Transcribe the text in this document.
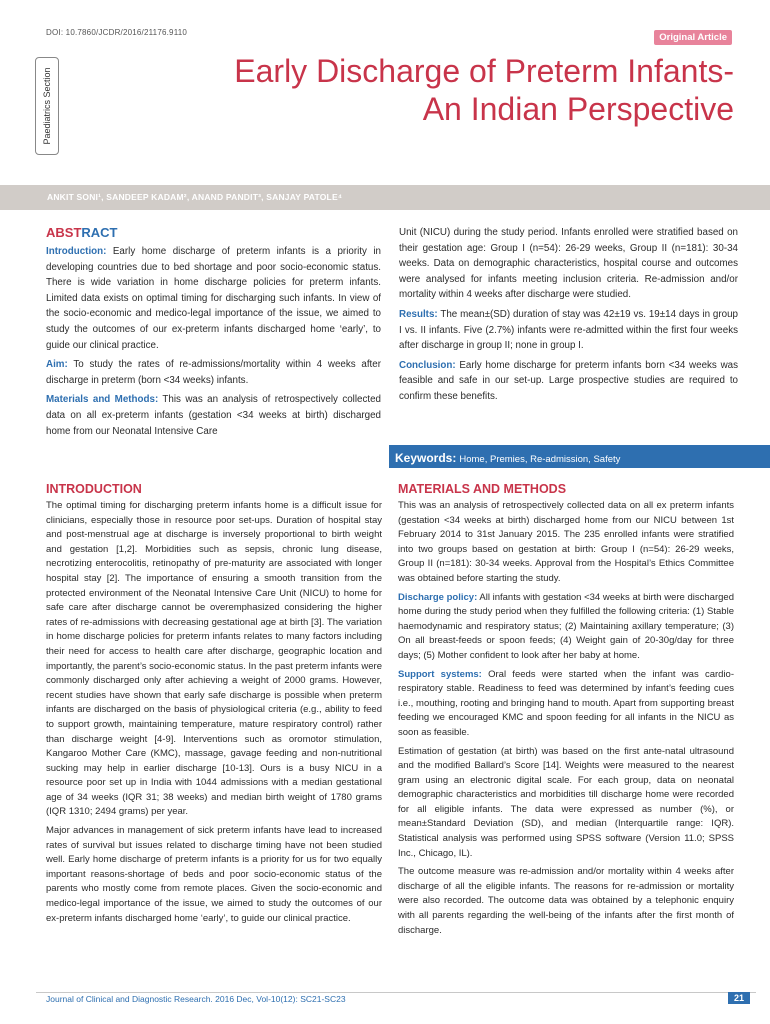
DOI: 10.7860/JCDR/2016/21176.9110	Original Article
Paediatrics Section	Early Discharge of Preterm Infants-
An Indian Perspective
ANKIT SONI¹, SANDEEP KADAM², ANAND PANDIT³, SANJAY PATOLE⁴
ABSTRACT

Introduction: Early home discharge of preterm infants is a priority in developing countries due to bed shortage and poor socio-economic status. There is wide variation in home discharge policies for preterm infants. Limited data exists on optimal timing for discharging such infants. In view of the socio-economic and medico-legal importance of the issue, we aimed to study the outcomes of our ex-preterm infants discharged home ‘early’, to guide our clinical practice.

Aim: To study the rates of re-admissions/mortality within 4 weeks after discharge in preterm (born <34 weeks) infants.

Materials and Methods: This was an analysis of retrospectively collected data on all ex-preterm infants (gestation <34 weeks at birth) discharged home from our Neonatal Intensive Care

Unit (NICU) during the study period. Infants enrolled were stratified based on their gestation age: Group I (n=54): 26-29 weeks, Group II (n=181): 30-34 weeks. Data on demographic characteristics, hospital course and outcomes were analysed for infants meeting inclusion criteria. Re-admission and/or mortality within 4 weeks after discharge were studied.

Results: The mean±(SD) duration of stay was 42±19 vs. 19±14 days in group I vs. II infants. Five (2.7%) infants were re-admitted within the first four weeks after discharge in group II; none in group I.

Conclusion: Early home discharge for preterm infants born <34 weeks was feasible and safe in our set-up. Large prospective studies are required to confirm these benefits.

Keywords: Home, Premies, Re-admission, Safety
INTRODUCTION

The optimal timing for discharging preterm infants home is a difficult issue for clinicians, especially those in resource poor set-ups. Duration of hospital stay and post-menstrual age at discharge is inversely proportional to birth weight and gestation [1,2]. Morbidities such as sepsis, chronic lung disease, necrotizing enterocolitis, retinopathy of pre-maturity are associated with longer hospital stay [2]. The importance of ensuring a smooth transition from the protected environment of the Neonatal Intensive Care Unit (NICU) to home for safe care after discharge cannot be overemphasized considering the higher rates of re-admissions with decreasing gestational age at birth [3]. The variation in home discharge policies for preterm infants relates to many factors including their need for access to health care after discharge, geographic location and importantly, the parent’s socio-economic status. In the past preterm infants were commonly discharged only after achieving a weight of 2000 grams. However, recent studies have shown that early safe discharge is possible when preterm infants are discharged on the basis of physiological criteria (e.g., ability to feed to support growth, maintaining temperature, mature respiratory control) rather than discharge weight [4-9]. Interventions such as oromotor stimulation, Kangaroo Mother Care (KMC), massage, gavage feeding and non-nutritional sucking may help in earlier discharge [10-13]. Ours is a busy NICU in a resource poor set up in India with 1044 admissions with a median gestational age of 34 weeks (IQR 31; 38 weeks) and median birth weight of 1780 grams (IQR 1310; 2494 grams) per year.

Major advances in management of sick preterm infants have lead to increased rates of survival but issues related to discharge timing have not been studied well. Early home discharge of preterm infants is a priority for us for two equally important reasons-shortage of beds and poor socio-economic status of the parents who mostly come from remote places. Given the socio-economic and medico-legal importance of the issue, we aimed to study the outcomes of our ex-preterm infants discharged home ‘early’, to guide our clinical practice.

MATERIALS AND METHODS

This was an analysis of retrospectively collected data on all ex preterm infants (gestation <34 weeks at birth) discharged home from our NICU between 1st February 2014 to 31st January 2015. The 235 enrolled infants were stratified into two groups based on gestation at birth: Group I (n=54): 26-29 weeks, Group II (n=181): 30-34 weeks. Approval from the Hospital’s Ethics Committee was obtained before starting the study.

Discharge policy: All infants with gestation <34 weeks at birth were discharged home during the study period when they fulfilled the following criteria: (1) Stable haemodynamic and respiratory status; (2) Maintaining axillary temperature; (3) On all breast-feeds or spoon feeds; (4) Weight gain of 20-30g/day for three days; (5) Mother confident to look after her baby at home.

Support systems: Oral feeds were started when the infant was cardio-respiratory stable. Readiness to feed was determined by infant’s feeding cues i.e., mouthing, rooting and bringing hand to mouth. Apart from supporting breast feeding we encouraged KMC and spoon feeding for all infants in the NICU as soon as feasible.

Estimation of gestation (at birth) was based on the first ante-natal ultrasound and the modified Ballard’s Score [14]. Weights were measured to the nearest gram using an electronic digital scale. For each group, data on neonatal demographic characteristics and morbidities till discharge home were recorded for all eligible infants. The data were expressed as number (%), or mean±Standard Deviation (SD), and median (Interquartile range: IQR). Statistical analysis was performed using SPSS software (Version 11.0; SPSS Inc., Chicago, IL).

The outcome measure was re-admission and/or mortality within 4 weeks after discharge of all the eligible infants. The reasons for re-admission or mortality were also recorded. The outcome data was obtained by a telephonic enquiry with all parents regarding the well-being of the infants after the first month of discharge.

Journal of Clinical and Diagnostic Research. 2016 Dec, Vol-10(12): SC21-SC23	21
